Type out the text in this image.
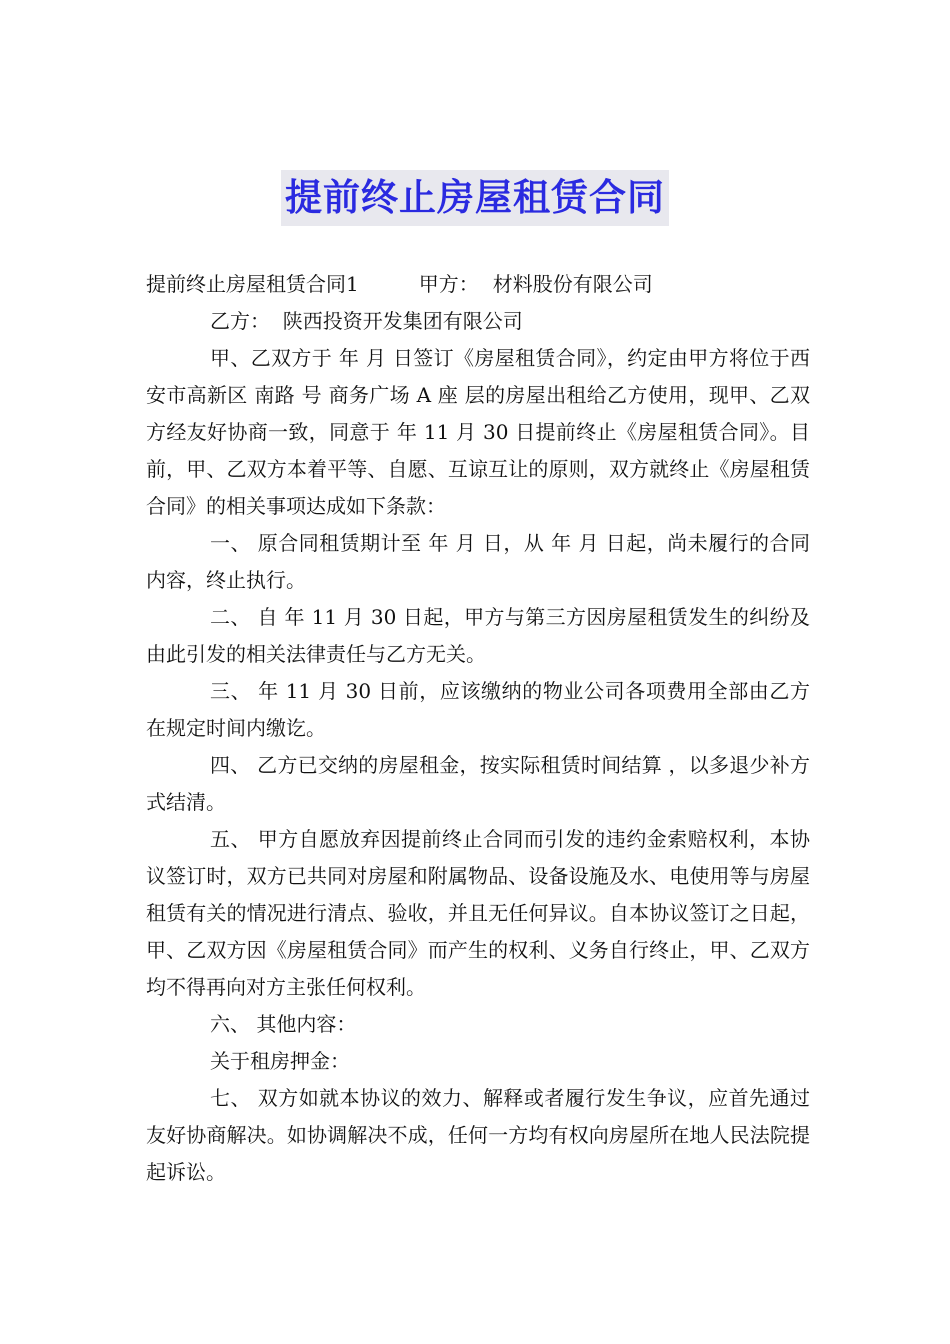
提前终止房屋租赁合同

提前终止房屋租赁合同1	甲方： 材料股份有限公司

乙方：  陕西投资开发集团有限公司

甲、乙双方于 年 月 日签订《房屋租赁合同》，约定由甲方将位于西安市高新区 南路 号 商务广场 A 座 层的房屋出租给乙方使用，现甲、乙双方经友好协商一致，同意于 年 11 月 30 日提前终止《房屋租赁合同》。目前，甲、乙双方本着平等、自愿、互谅互让的原则，双方就终止《房屋租赁合同》的相关事项达成如下条款：

一、 原合同租赁期计至 年 月 日，从 年 月 日起，尚未履行的合同内容，终止执行。

二、 自 年 11 月 30 日起，甲方与第三方因房屋租赁发生的纠纷及由此引发的相关法律责任与乙方无关。

三、 年 11 月 30 日前，应该缴纳的物业公司各项费用全部由乙方在规定时间内缴讫。

四、 乙方已交纳的房屋租金，按实际租赁时间结算 ，以多退少补方式结清。

五、 甲方自愿放弃因提前终止合同而引发的违约金索赔权利，本协议签订时，双方已共同对房屋和附属物品、设备设施及水、电使用等与房屋租赁有关的情况进行清点、验收，并且无任何异议。自本协议签订之日起，甲、乙双方因《房屋租赁合同》而产生的权利、义务自行终止，甲、乙双方均不得再向对方主张任何权利。

六、 其他内容：

关于租房押金：

七、 双方如就本协议的效力、解释或者履行发生争议，应首先通过友好协商解决。如协调解决不成，任何一方均有权向房屋所在地人民法院提起诉讼。
